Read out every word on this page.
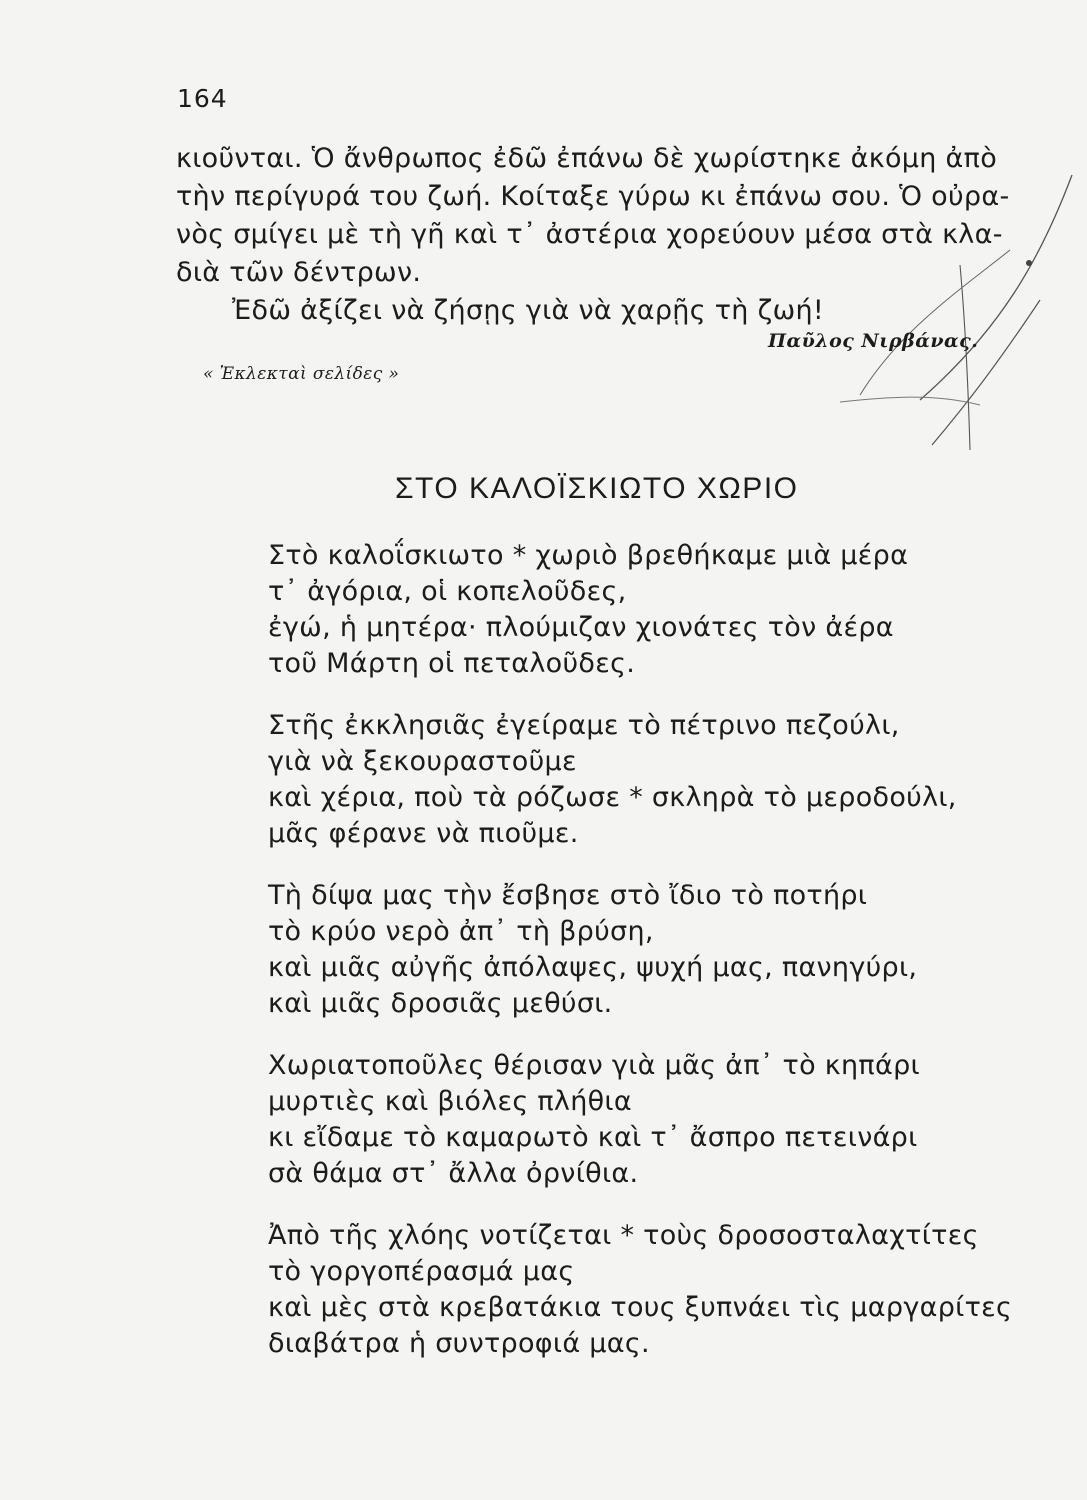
164
κιοῦνται. Ὁ ἄνθρωπος ἐδῶ ἐπάνω δὲ χωρίστηκε ἀκόμη ἀπὸ
τὴν περίγυρά του ζωή. Κοίταξε γύρω κι ἐπάνω σου. Ὁ οὐρα-
νὸς σμίγει μὲ τὴ γῆ καὶ τ᾽ ἀστέρια χορεύουν μέσα στὰ κλα-
διὰ τῶν δέντρων.
Ἐδῶ ἀξίζει νὰ ζήσῃς γιὰ νὰ χαρῇς τὴ ζωή!
Παῦλος Νιρβάνας.
« Ἐκλεκταὶ σελίδες »
ΣΤΟ ΚΑΛΟΪΣΚΙΩΤΟ ΧΩΡΙΟ
Στὸ καλοΐσκιωτο * χωριὸ βρεθήκαμε μιὰ μέρα
τ᾽ ἀγόρια, οἱ κοπελοῦδες,
ἐγώ, ἡ μητέρα· πλούμιζαν χιονάτες τὸν ἀέρα
τοῦ Μάρτη οἱ πεταλοῦδες.
Στῆς ἐκκλησιᾶς ἐγείραμε τὸ πέτρινο πεζούλι,
γιὰ νὰ ξεκουραστοῦμε
καὶ χέρια, ποὺ τὰ ρόζωσε * σκληρὰ τὸ μεροδούλι,
μᾶς φέρανε νὰ πιοῦμε.
Τὴ δίψα μας τὴν ἔσβησε στὸ ἴδιο τὸ ποτήρι
τὸ κρύο νερὸ ἀπ᾽ τὴ βρύση,
καὶ μιᾶς αὐγῆς ἀπόλαψες, ψυχή μας, πανηγύρι,
καὶ μιᾶς δροσιᾶς μεθύσι.
Χωριατοποῦλες θέρισαν γιὰ μᾶς ἀπ᾽ τὸ κηπάρι
μυρτιὲς καὶ βιόλες πλήθια
κι εἴδαμε τὸ καμαρωτὸ καὶ τ᾽ ἄσπρο πετεινάρι
σὰ θάμα στ᾽ ἄλλα ὀρνίθια.
Ἀπὸ τῆς χλόης νοτίζεται * τοὺς δροσοσταλαχτίτες
τὸ γοργοπέρασμά μας
καὶ μὲς στὰ κρεβατάκια τους ξυπνάει τὶς μαργαρίτες
διαβάτρα ἡ συντροφιά μας.
